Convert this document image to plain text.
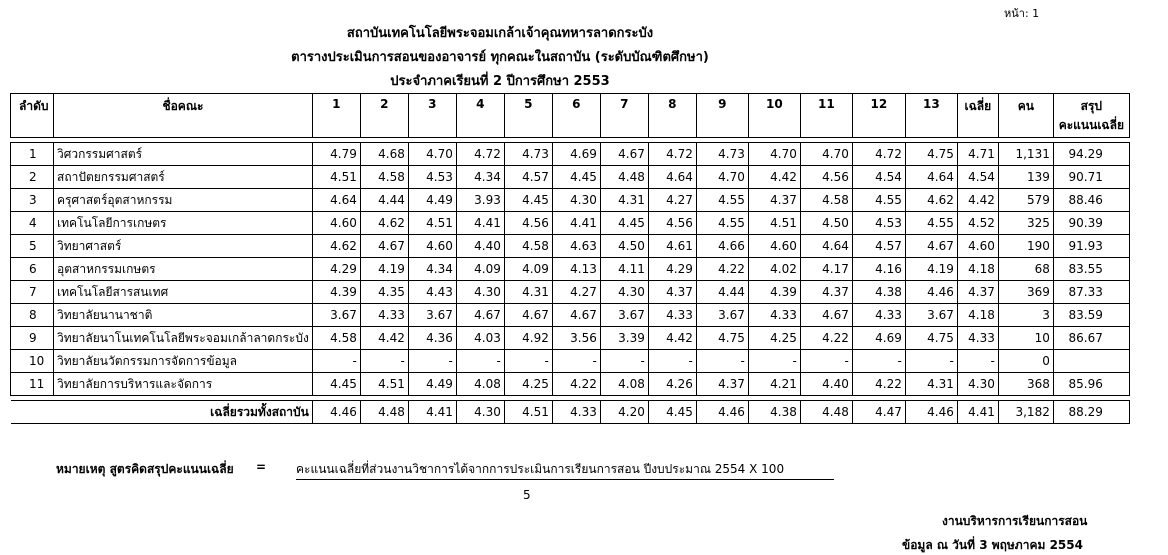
หน้า: 1
สถาบันเทคโนโลยีพระจอมเกล้าเจ้าคุณทหารลาดกระบัง
ตารางประเมินการสอนของอาจารย์ ทุกคณะในสถาบัน (ระดับบัณฑิตศึกษา)
ประจำภาคเรียนที่ 2 ปีการศึกษา 2553
ลำดับ	ชื่อคณะ	1	2	3	4	5	6	7	8	9	10	11	12	13	เฉลี่ย	คน	สรุป
คะแนนเฉลี่ย

1	วิศวกรรมศาสตร์	4.79	4.68	4.70	4.72	4.73	4.69	4.67	4.72	4.73	4.70	4.70	4.72	4.75	4.71	1,131	94.29
2	สถาปัตยกรรมศาสตร์	4.51	4.58	4.53	4.34	4.57	4.45	4.48	4.64	4.70	4.42	4.56	4.54	4.64	4.54	139	90.71
3	ครุศาสตร์อุตสาหกรรม	4.64	4.44	4.49	3.93	4.45	4.30	4.31	4.27	4.55	4.37	4.58	4.55	4.62	4.42	579	88.46
4	เทคโนโลยีการเกษตร	4.60	4.62	4.51	4.41	4.56	4.41	4.45	4.56	4.55	4.51	4.50	4.53	4.55	4.52	325	90.39
5	วิทยาศาสตร์	4.62	4.67	4.60	4.40	4.58	4.63	4.50	4.61	4.66	4.60	4.64	4.57	4.67	4.60	190	91.93
6	อุตสาหกรรมเกษตร	4.29	4.19	4.34	4.09	4.09	4.13	4.11	4.29	4.22	4.02	4.17	4.16	4.19	4.18	68	83.55
7	เทคโนโลยีสารสนเทศ	4.39	4.35	4.43	4.30	4.31	4.27	4.30	4.37	4.44	4.39	4.37	4.38	4.46	4.37	369	87.33
8	วิทยาลัยนานาชาติ	3.67	4.33	3.67	4.67	4.67	4.67	3.67	4.33	3.67	4.33	4.67	4.33	3.67	4.18	3	83.59
9	วิทยาลัยนาโนเทคโนโลยีพระจอมเกล้าลาดกระบัง	4.58	4.42	4.36	4.03	4.92	3.56	3.39	4.42	4.75	4.25	4.22	4.69	4.75	4.33	10	86.67
10	วิทยาลัยนวัตกรรมการจัดการข้อมูล	-	-	-	-	-	-	-	-	-	-	-	-	-	-	0	
11	วิทยาลัยการบริหารและจัดการ	4.45	4.51	4.49	4.08	4.25	4.22	4.08	4.26	4.37	4.21	4.40	4.22	4.31	4.30	368	85.96

	เฉลี่ยรวมทั้งสถาบัน	4.46	4.48	4.41	4.30	4.51	4.33	4.20	4.45	4.46	4.38	4.48	4.47	4.46	4.41	3,182	88.29
หมายเหตุ สูตรคิดสรุปคะแนนเฉลี่ย = คะแนนเฉลี่ยที่ส่วนงานวิชาการได้จากการประเมินการเรียนการสอน ปีงบประมาณ 2554 X 100
5
งานบริหารการเรียนการสอน
ข้อมูล ณ วันที่ 3 พฤษภาคม 2554
